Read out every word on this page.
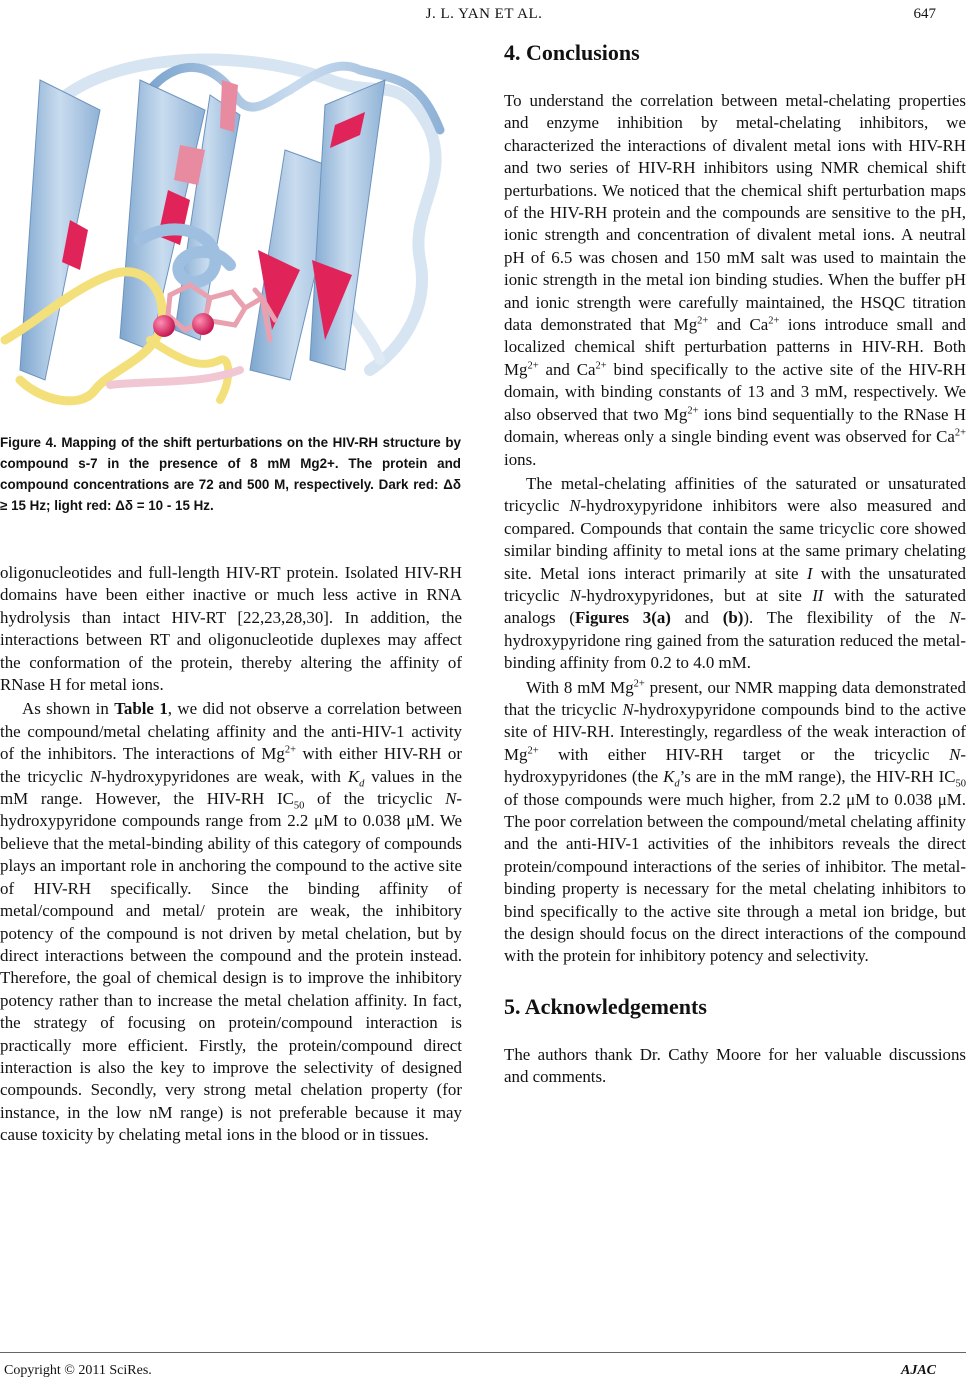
J. L. YAN ET AL.	647

Figure 4. Mapping of the shift perturbations on the HIV-RH structure by compound s-7 in the presence of 8 mM Mg2+. The protein and compound concentrations are 72 and 500 M, respectively. Dark red: Δδ ≥ 15 Hz; light red: Δδ = 10 - 15 Hz.

oligonucleotides and full-length HIV-RT protein. Isolated HIV-RH domains have been either inactive or much less active in RNA hydrolysis than intact HIV-RT [22,23,28,30]. In addition, the interactions between RT and oligonucleotide duplexes may affect the conformation of the protein, thereby altering the affinity of RNase H for metal ions.

As shown in Table 1, we did not observe a correlation between the compound/metal chelating affinity and the anti-HIV-1 activity of the inhibitors. The interactions of $Mg^{2+}$ with either HIV-RH or the tricyclic N-hydroxypyridones are weak, with $K_d$ values in the mM range. However, the HIV-RH $IC_{50}$ of the tricyclic N-hydroxypyridone compounds range from 2.2 μM to 0.038 μM. We believe that the metal-binding ability of this category of compounds plays an important role in anchoring the compound to the active site of HIV-RH specifically. Since the binding affinity of metal/compound and metal/ protein are weak, the inhibitory potency of the compound is not driven by metal chelation, but by direct interactions between the compound and the protein instead. Therefore, the goal of chemical design is to improve the inhibitory potency rather than to increase the metal chelation affinity. In fact, the strategy of focusing on protein/compound interaction is practically more efficient. Firstly, the protein/compound direct interaction is also the key to improve the selectivity of designed compounds. Secondly, very strong metal chelation property (for instance, in the low nM range) is not preferable because it may cause toxicity by chelating metal ions in the blood or in tissues.

4. Conclusions

To understand the correlation between metal-chelating properties and enzyme inhibition by metal-chelating inhibitors, we characterized the interactions of divalent metal ions with HIV-RH and two series of HIV-RH inhibitors using NMR chemical shift perturbations. We noticed that the chemical shift perturbation maps of the HIV-RH protein and the compounds are sensitive to the pH, ionic strength and concentration of divalent metal ions. A neutral pH of 6.5 was chosen and 150 mM salt was used to maintain the ionic strength in the metal ion binding studies. When the buffer pH and ionic strength were carefully maintained, the HSQC titration data demonstrated that $Mg^{2+}$ and $Ca^{2+}$ ions introduce small and localized chemical shift perturbation patterns in HIV-RH. Both $Mg^{2+}$ and $Ca^{2+}$ bind specifically to the active site of the HIV-RH domain, with binding constants of 13 and 3 mM, respectively. We also observed that two $Mg^{2+}$ ions bind sequentially to the RNase H domain, whereas only a single binding event was observed for $Ca^{2+}$ ions.

The metal-chelating affinities of the saturated or unsaturated tricyclic N-hydroxypyridone inhibitors were also measured and compared. Compounds that contain the same tricyclic core showed similar binding affinity to metal ions at the same primary chelating site. Metal ions interact primarily at site I with the unsaturated tricyclic N-hydroxypyridones, but at site II with the saturated analogs (Figures 3(a) and (b)). The flexibility of the N-hydroxypyridone ring gained from the saturation reduced the metal-binding affinity from 0.2 to 4.0 mM.

With 8 mM $Mg^{2+}$ present, our NMR mapping data demonstrated that the tricyclic N-hydroxypyridone compounds bind to the active site of HIV-RH. Interestingly, regardless of the weak interaction of $Mg^{2+}$ with either HIV-RH target or the tricyclic N-hydroxypyridones (the $K_d’s$ are in the mM range), the HIV-RH $IC_{50}$ of those compounds were much higher, from 2.2 μM to 0.038 μM. The poor correlation between the compound/metal chelating affinity and the anti-HIV-1 activities of the inhibitors reveals the direct protein/compound interactions of the series of inhibitor. The metal-binding property is necessary for the metal chelating inhibitors to bind specifically to the active site through a metal ion bridge, but the design should focus on the direct interactions of the compound with the protein for inhibitory potency and selectivity.

5. Acknowledgements

The authors thank Dr. Cathy Moore for her valuable discussions and comments.

Copyright © 2011 SciRes.	AJAC
